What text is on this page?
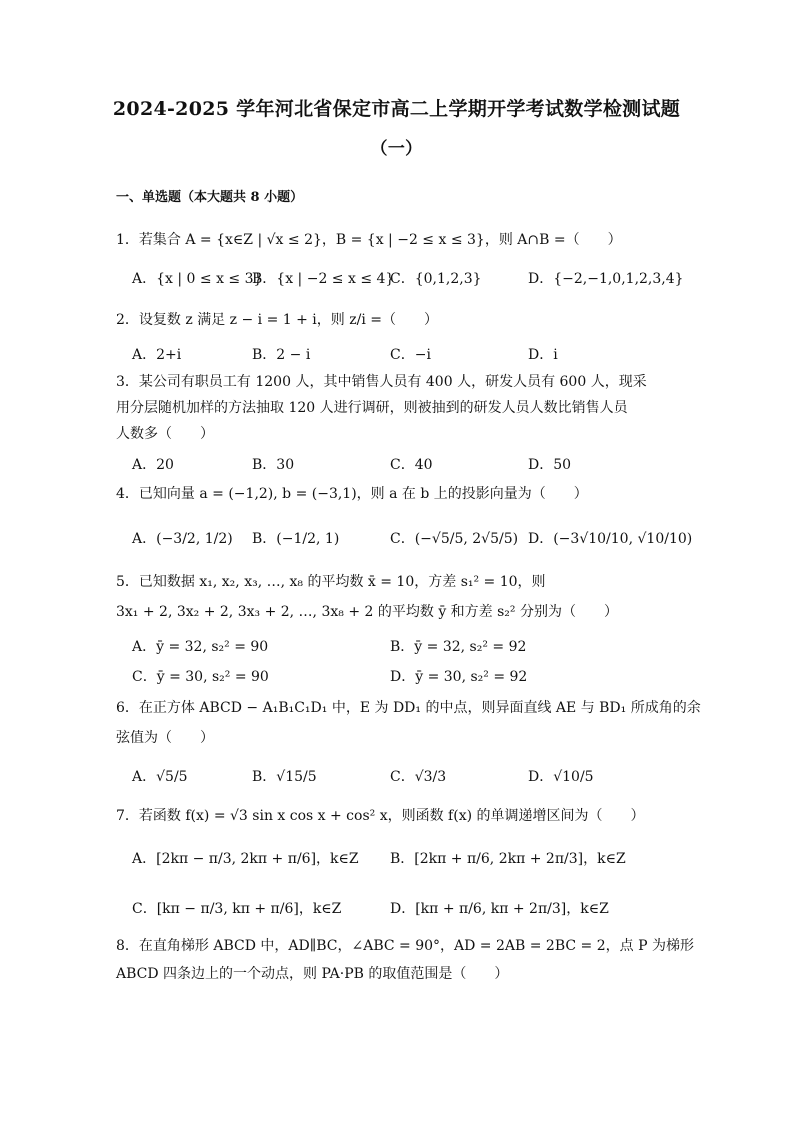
2024-2025 学年河北省保定市高二上学期开学考试数学检测试题
（一）
一、单选题（本大题共 8 小题）
1．若集合 A = {x∈Z | √x ≤ 2}，B = {x | −2 ≤ x ≤ 3}，则 A∩B =（　　）
A．{x | 0 ≤ x ≤ 3}
B．{x | −2 ≤ x ≤ 4}
C．{0,1,2,3}	D．{−2,−1,0,1,2,3,4}
2．设复数 z 满足 z − i = 1 + i，则 z/i =（　　）
A．2+i	B．2 − i	C．−i	D．i
3．某公司有职员工有 1200 人，其中销售人员有 400 人，研发人员有 600 人，现采
用分层随机加样的方法抽取 120 人进行调研，则被抽到的研发人员人数比销售人员
人数多（　　）
A．20	B．30	C．40	D．50
4．已知向量 a = (−1,2), b = (−3,1)，则 a 在 b 上的投影向量为（　　）
A．(−3/2, 1/2) B．(−1/2, 1)	C．(−√5/5, 2√5/5) D．(−3√10/10, √10/10)
5．已知数据 x₁, x₂, x₃, …, x₈ 的平均数 x̄ = 10，方差 s₁² = 10，则
3x₁ + 2, 3x₂ + 2, 3x₃ + 2, …, 3x₈ + 2 的平均数 ȳ 和方差 s₂² 分别为（　　）
A．ȳ = 32, s₂² = 90	B．ȳ = 32, s₂² = 92
C．ȳ = 30, s₂² = 90	D．ȳ = 30, s₂² = 92
6．在正方体 ABCD − A₁B₁C₁D₁ 中，E 为 DD₁ 的中点，则异面直线 AE 与 BD₁ 所成角的余
弦值为（　　）
A．√5/5	B．√15/5	C．√3/3	D．√10/5
7．若函数 f(x) = √3 sin x cos x + cos² x，则函数 f(x) 的单调递增区间为（　　）
A．[2kπ − π/3, 2kπ + π/6]，k∈Z B．[2kπ + π/6, 2kπ + 2π/3]，k∈Z
C．[kπ − π/3, kπ + π/6]，k∈Z	D．[kπ + π/6, kπ + 2π/3]，k∈Z
8．在直角梯形 ABCD 中，AD∥BC，∠ABC = 90°，AD = 2AB = 2BC = 2，点 P 为梯形
ABCD 四条边上的一个动点，则 PA·PB 的取值范围是（　　）
